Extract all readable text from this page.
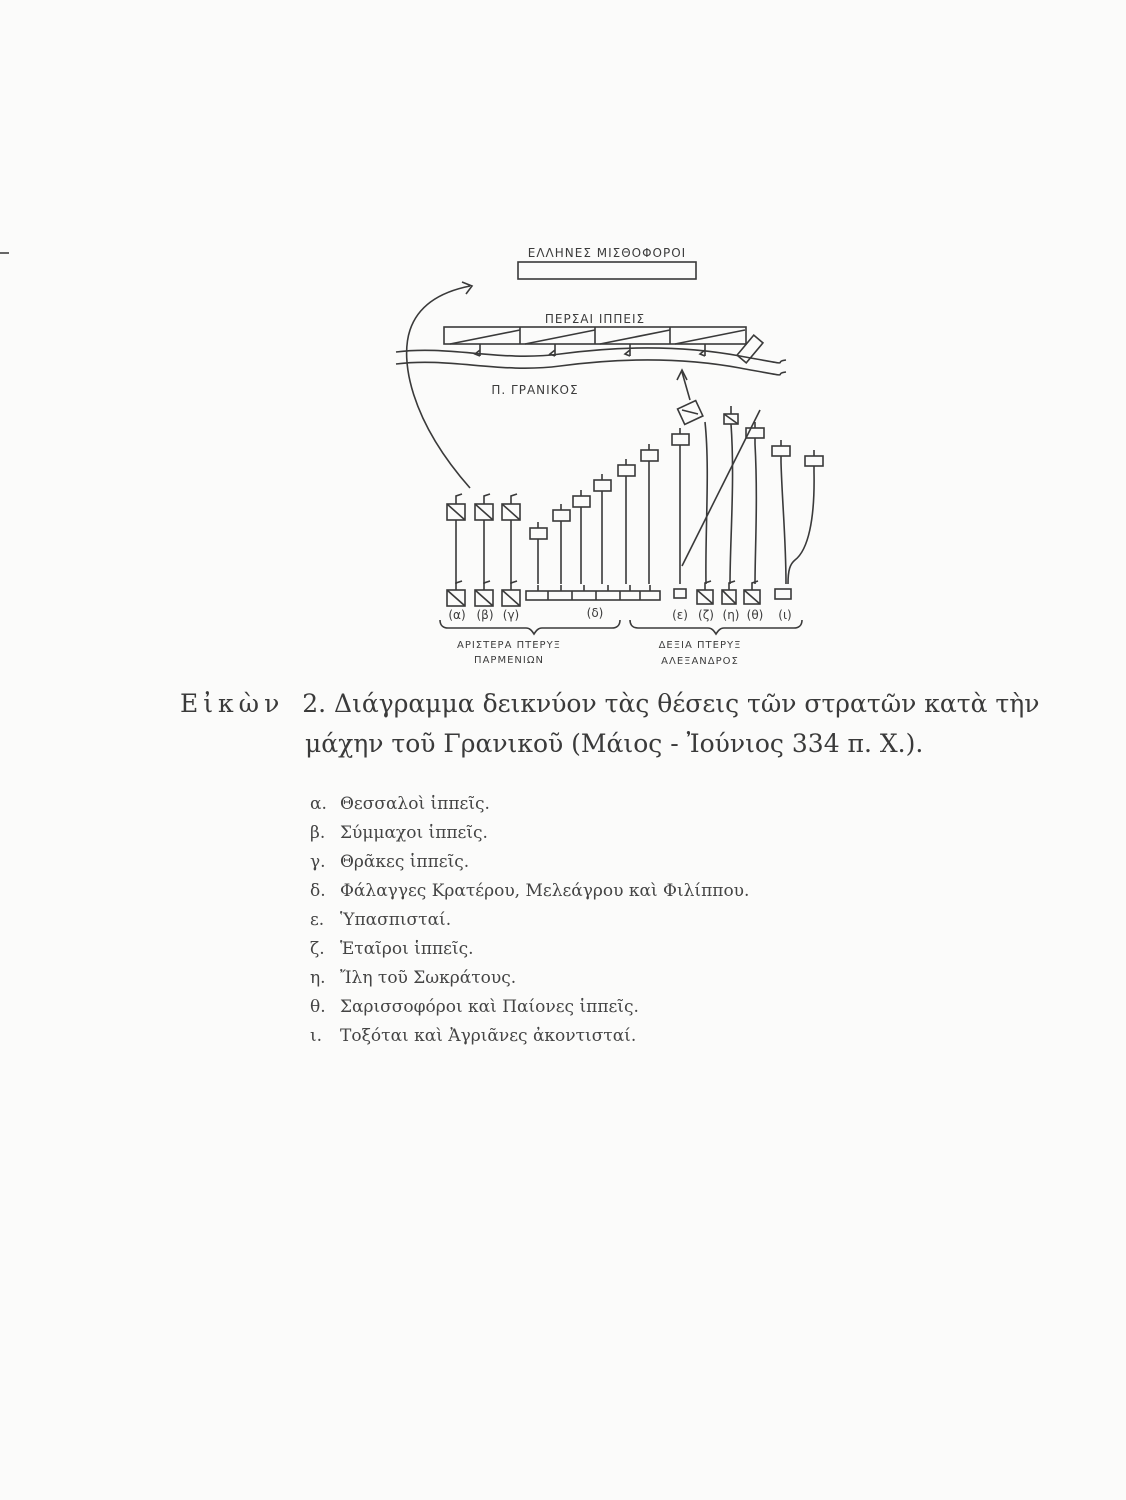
ΕΛΛΗΝΕΣ ΜΙΣΘΟΦΟΡΟΙ
ΠΕΡΣΑΙ ΙΠΠΕΙΣ
Π. ΓΡΑΝΙΚΟΣ
(α) (β) (γ)	(δ)	(ε) (ζ) (η) (θ) (ι)
ΑΡΙΣΤΕΡΑ ΠΤΕΡΥΞ
ΠΑΡΜΕΝΙΩΝ
ΔΕΞΙΑ ΠΤΕΡΥΞ
ΑΛΕΞΑΝΔΡΟΣ
Εἰκὼν 2. Διάγραμμα δεικνύον τὰς θέσεις τῶν στρατῶν κατὰ τὴν
μάχην τοῦ Γρανικοῦ (Μάιος - Ἰούνιος 334 π. Χ.).
α. Θεσσαλοὶ ἱππεῖς.
β. Σύμμαχοι ἱππεῖς.
γ. Θρᾶκες ἱππεῖς.
δ. Φάλαγγες Κρατέρου, Μελεάγρου καὶ Φιλίππου.
ε. Ὑπασπισταί.
ζ. Ἑταῖροι ἱππεῖς.
η. Ἴλη τοῦ Σωκράτους.
θ. Σαρισσοφόροι καὶ Παίονες ἱππεῖς.
ι. Τοξόται καὶ Ἀγριᾶνες ἀκοντισταί.
